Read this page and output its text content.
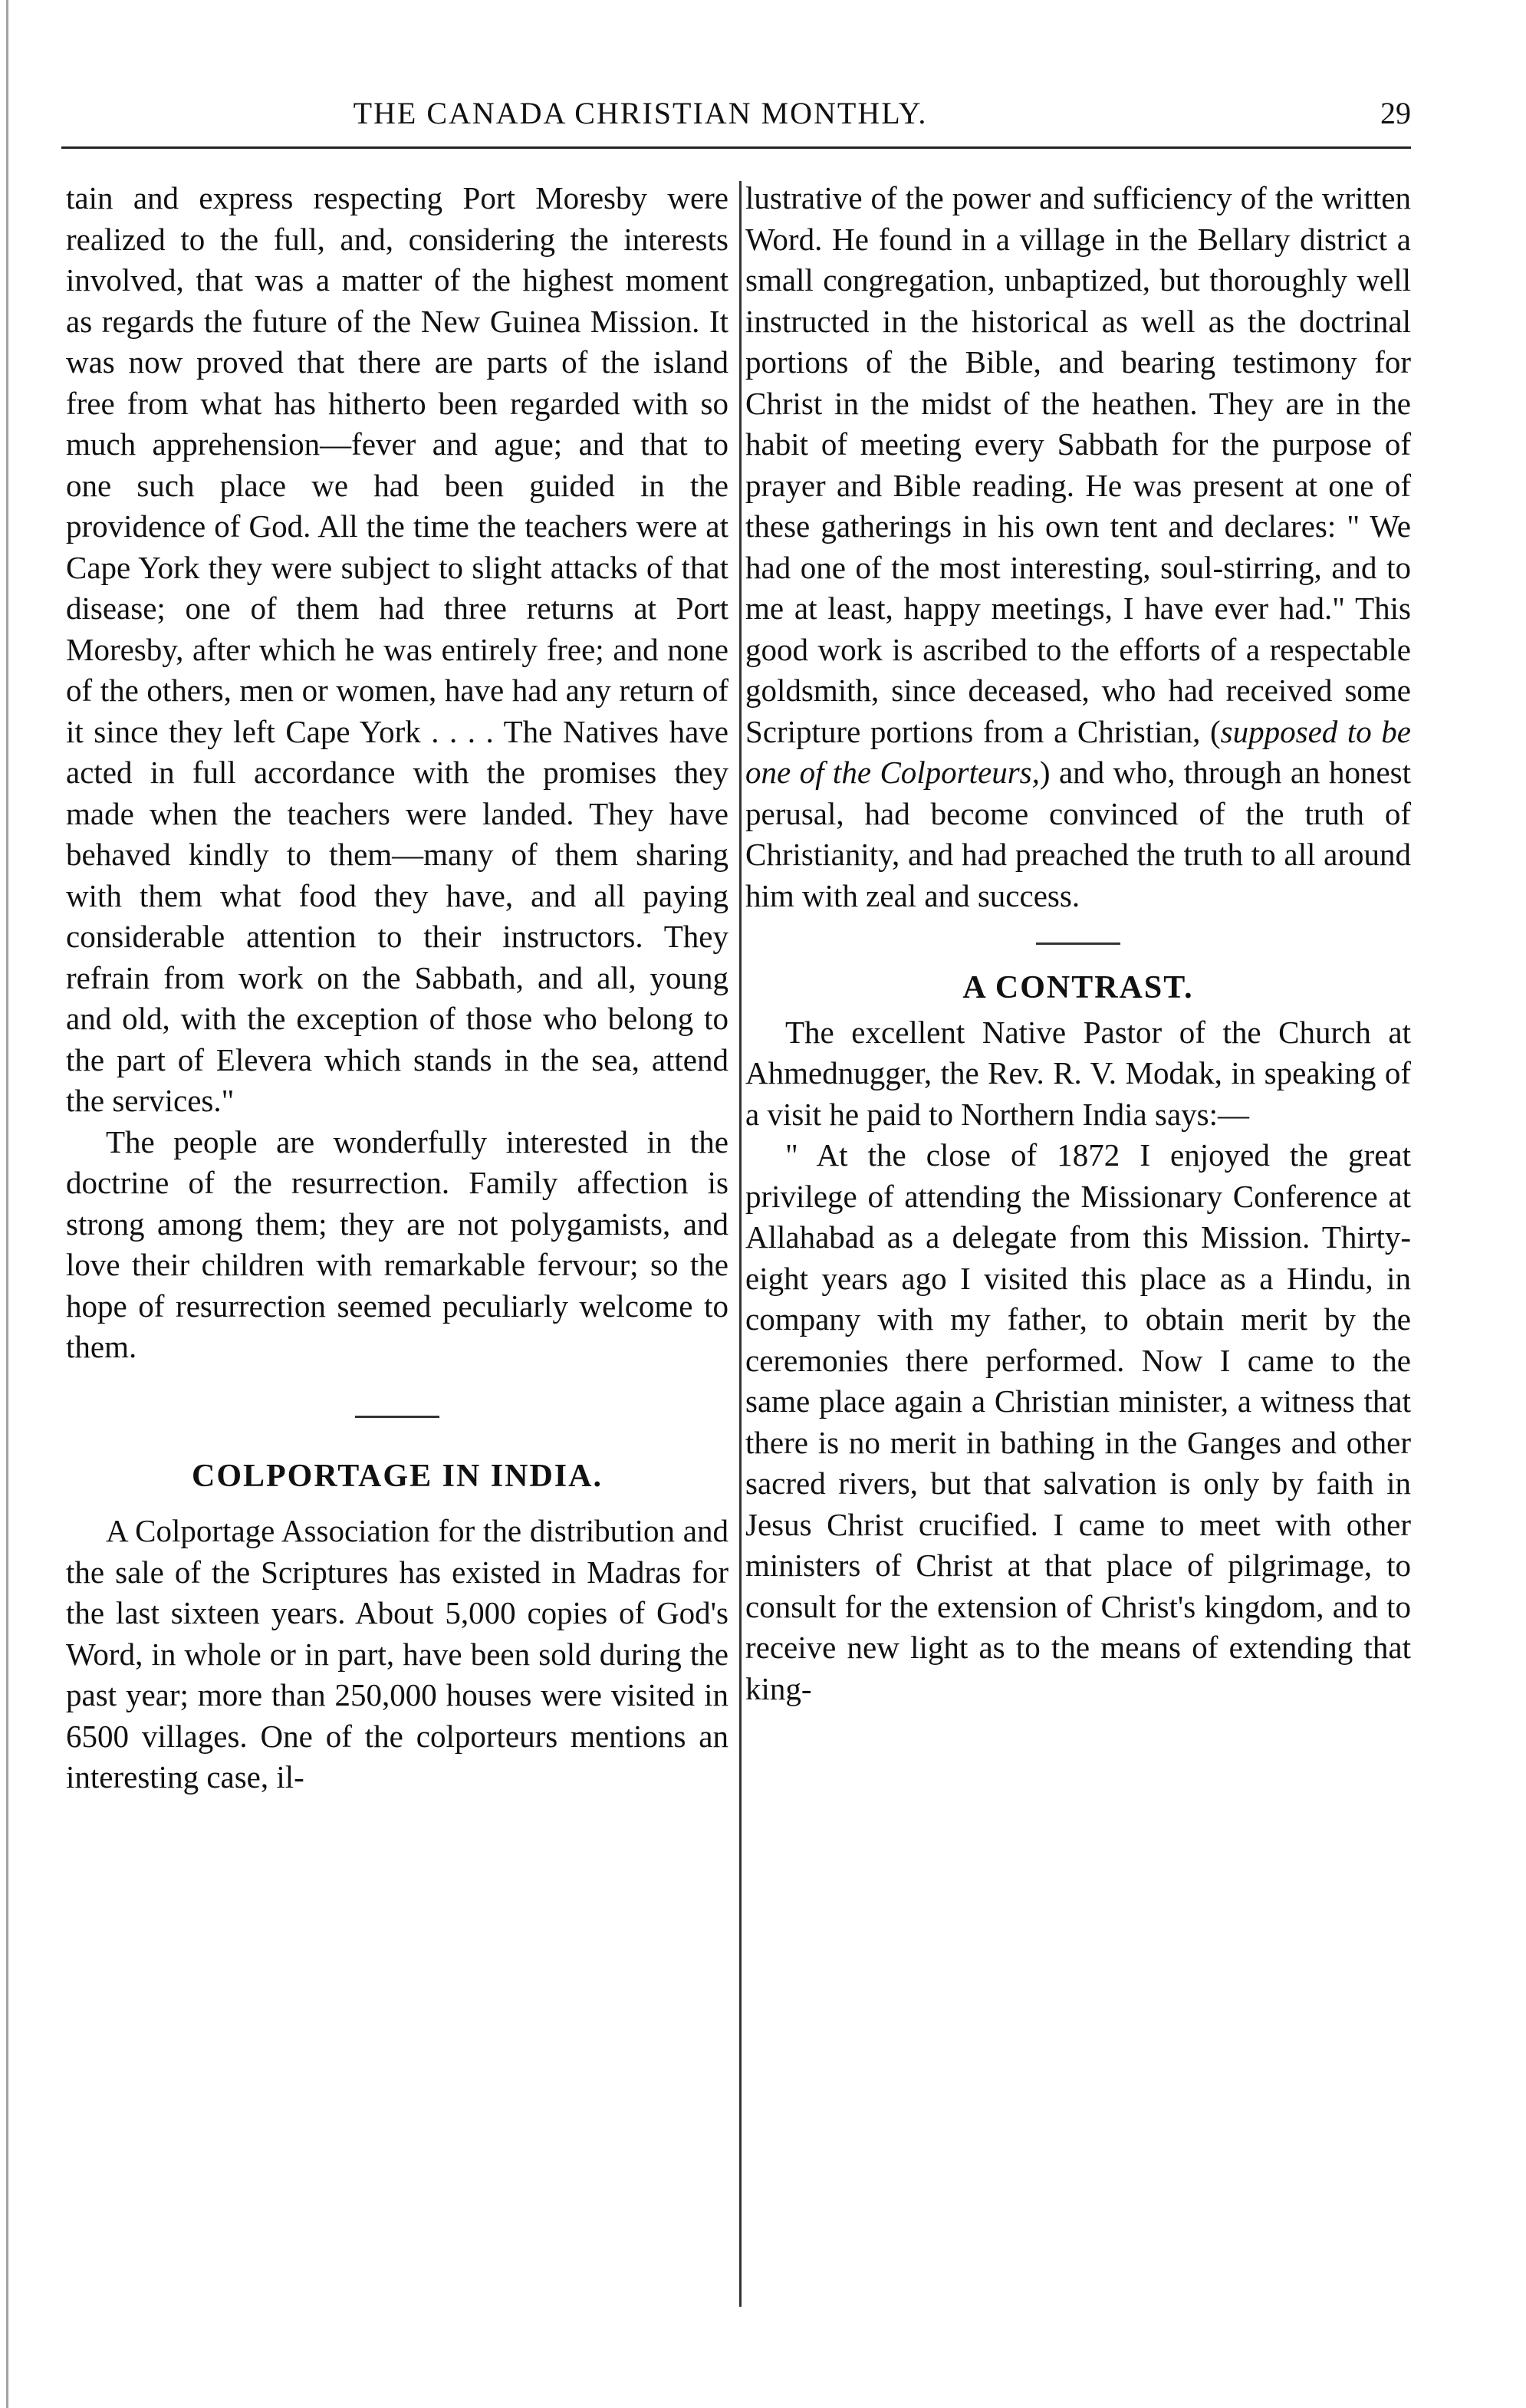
THE CANADA CHRISTIAN MONTHLY.	29

tain and express respecting Port Moresby were realized to the full, and, considering the interests involved, that was a matter of the highest moment as regards the future of the New Guinea Mission. It was now proved that there are parts of the island free from what has hitherto been regarded with so much apprehension—fever and ague; and that to one such place we had been guided in the providence of God. All the time the teachers were at Cape York they were subject to slight attacks of that disease; one of them had three returns at Port Moresby, after which he was entirely free; and none of the others, men or women, have had any return of it since they left Cape York . . . . The Natives have acted in full accordance with the promises they made when the teachers were landed. They have behaved kindly to them—many of them sharing with them what food they have, and all paying considerable attention to their instructors. They refrain from work on the Sabbath, and all, young and old, with the exception of those who belong to the part of Elevera which stands in the sea, attend the services."

The people are wonderfully interested in the doctrine of the resurrection. Family affection is strong among them; they are not polygamists, and love their children with remarkable fervour; so the hope of resurrection seemed peculiarly welcome to them.

COLPORTAGE IN INDIA.

A Colportage Association for the distribution and the sale of the Scriptures has existed in Madras for the last sixteen years. About 5,000 copies of God's Word, in whole or in part, have been sold during the past year; more than 250,000 houses were visited in 6500 villages. One of the colporteurs mentions an interesting case, il-

lustrative of the power and sufficiency of the written Word. He found in a village in the Bellary district a small congregation, unbaptized, but thoroughly well instructed in the historical as well as the doctrinal portions of the Bible, and bearing testimony for Christ in the midst of the heathen. They are in the habit of meeting every Sabbath for the purpose of prayer and Bible reading. He was present at one of these gatherings in his own tent and declares: " We had one of the most interesting, soul-stirring, and to me at least, happy meetings, I have ever had." This good work is ascribed to the efforts of a respectable goldsmith, since deceased, who had received some Scripture portions from a Christian, (supposed to be one of the Colporteurs,) and who, through an honest perusal, had become convinced of the truth of Christianity, and had preached the truth to all around him with zeal and success.

A CONTRAST.

The excellent Native Pastor of the Church at Ahmednugger, the Rev. R. V. Modak, in speaking of a visit he paid to Northern India says:—

" At the close of 1872 I enjoyed the great privilege of attending the Missionary Conference at Allahabad as a delegate from this Mission. Thirty-eight years ago I visited this place as a Hindu, in company with my father, to obtain merit by the ceremonies there performed. Now I came to the same place again a Christian minister, a witness that there is no merit in bathing in the Ganges and other sacred rivers, but that salvation is only by faith in Jesus Christ crucified. I came to meet with other ministers of Christ at that place of pilgrimage, to consult for the extension of Christ's kingdom, and to receive new light as to the means of extending that king-
